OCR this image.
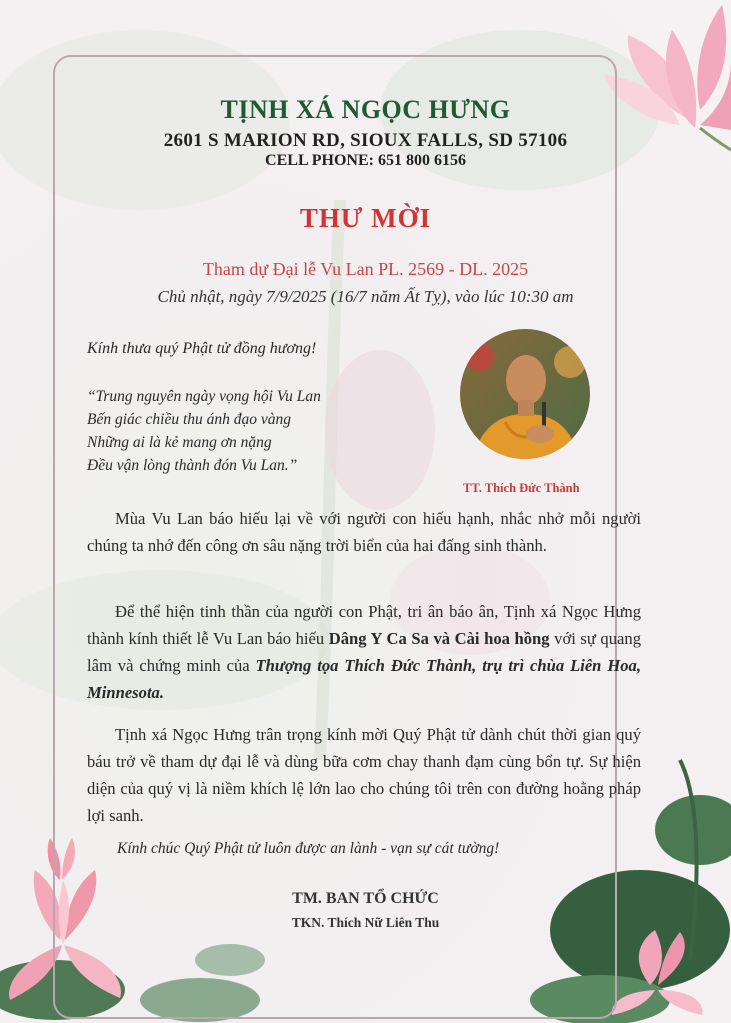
TỊNH XÁ NGỌC HƯNG
2601 S MARION RD, SIOUX FALLS, SD 57106
CELL PHONE: 651 800 6156
THƯ MỜI
Tham dự Đại lễ Vu Lan PL. 2569 - DL. 2025
Chủ nhật, ngày 7/9/2025 (16/7 năm Ất Tỵ), vào lúc 10:30 am
Kính thưa quý Phật tử đồng hương!
“Trung nguyên ngày vọng hội Vu Lan
Bến giác chiều thu ánh đạo vàng
Những ai là kẻ mang ơn nặng
Đều vận lòng thành đón Vu Lan.”
TT. Thích Đức Thành
Mùa Vu Lan báo hiếu lại về với người con hiếu hạnh, nhắc nhở mỗi người chúng ta nhớ đến công ơn sâu nặng trời biển của hai đấng sinh thành.
Để thể hiện tinh thần của người con Phật, tri ân báo ân, Tịnh xá Ngọc Hưng thành kính thiết lễ Vu Lan báo hiếu Dâng Y Ca Sa và Cài hoa hồng với sự quang lâm và chứng minh của Thượng tọa Thích Đức Thành, trụ trì chùa Liên Hoa, Minnesota.
Tịnh xá Ngọc Hưng trân trọng kính mời Quý Phật tử dành chút thời gian quý báu trở về tham dự đại lễ và dùng bữa cơm chay thanh đạm cùng bổn tự. Sự hiện diện của quý vị là niềm khích lệ lớn lao cho chúng tôi trên con đường hoằng pháp lợi sanh.
Kính chúc Quý Phật tử luôn được an lành - vạn sự cát tường!
TM. BAN TỔ CHỨC
TKN. Thích Nữ Liên Thu
